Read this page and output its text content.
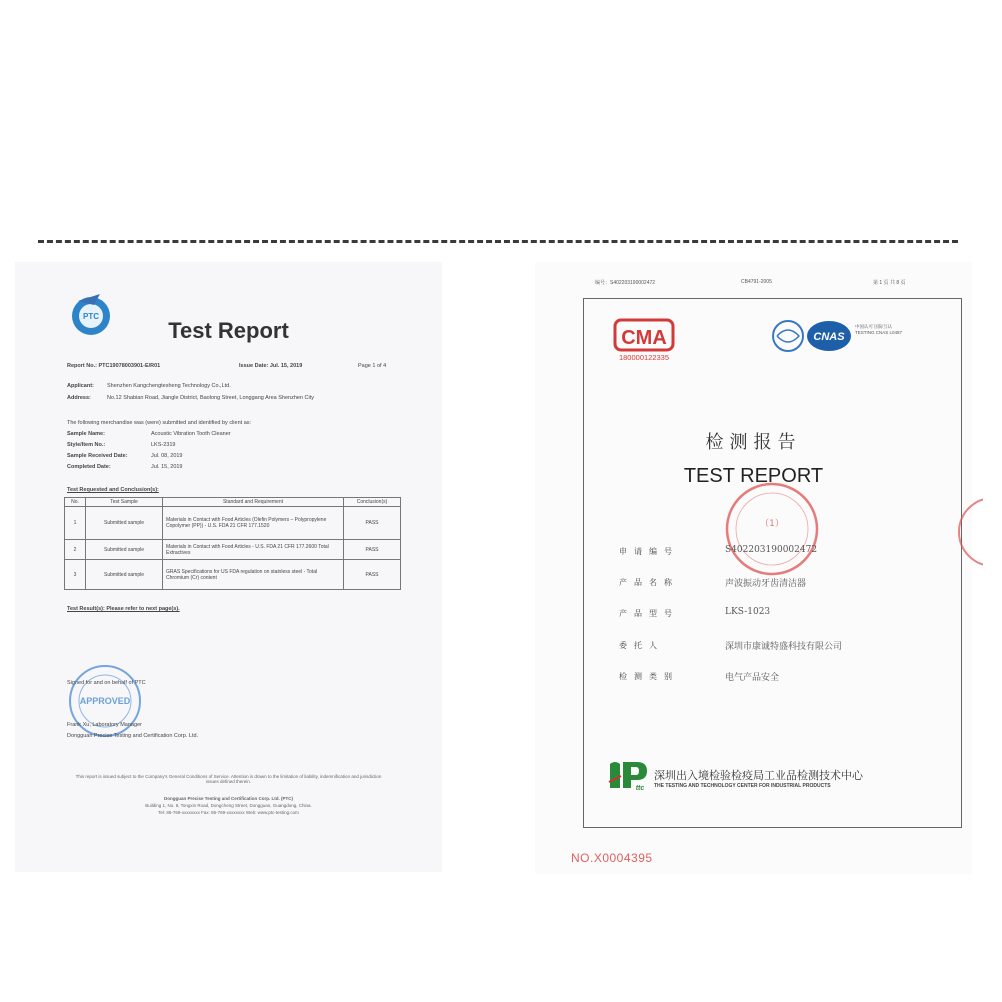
PTC
Test Report
Report No.: PTC19078003901-E/R01	Issue Date: Jul. 15, 2019	Page 1 of 4
Applicant: Shenzhen Kangchengtesheng Technology Co.,Ltd.
Address:	No.12 Shabian Road, Jiangle District, Baolong Street, Longgang Area Shenzhen City
The following merchandise was (were) submitted and identified by client as:
Sample Name:	Acoustic Vibration Tooth Cleaner
Style/Item No.:	LKS-2319
Sample Received Date:	Jul. 08, 2019
Completed Date:	Jul. 15, 2019
Test Requested and Conclusion(s):
No.	Test Sample	Standard and Requirement	Conclusion(s)
1	Submitted sample	Materials in Contact with Food Articles (Olefin Polymers – Polypropylene Copolymer (PP)) - U.S. FDA 21 CFR 177.1520	PASS
2	Submitted sample	Materials in Contact with Food Articles - U.S. FDA 21 CFR 177.2600 Total Extractives	PASS
3	Submitted sample	GRAS Specifications for US FDA regulation on stainless steel - Total Chromium (Cr) content	PASS
Test Result(s): Please refer to next page(s).
Signed for and on behalf of PTC
APPROVED
Frank Xu, Laboratory Manager
Dongguan Precise Testing and Certification Corp. Ltd.
This report is issued subject to the Company's General Conditions of Service. Attention is drawn to the limitation of liability, indemnification and jurisdiction issues defined therein.
Dongguan Precise Testing and Certification Corp. Ltd. (PTC)
Building 1, No. 8, Tongxin Road, Dongcheng Street, Dongguan, Guangdong, China.
Tel: 86-769-xxxxxxxx Fax: 86-769-xxxxxxxx Web: www.ptc-testing.com
编号：S402203190002472	CB4791-2005	第 1 页 共 8 页
CMA
180000122335
CNAS
中国认可 国际互认 TESTING CNAS L0487
检测报告
TEST REPORT
（1）
申请编号	S402203190002472
产品名称	声波振动牙齿清洁器
产品型号	LKS-1023
委托人	深圳市康诚特盛科技有限公司
检测类别	电气产品安全
ttc
深圳出入境检验检疫局工业品检测技术中心
THE TESTING AND TECHNOLOGY CENTER FOR INDUSTRIAL PRODUCTS
NO.X0004395
